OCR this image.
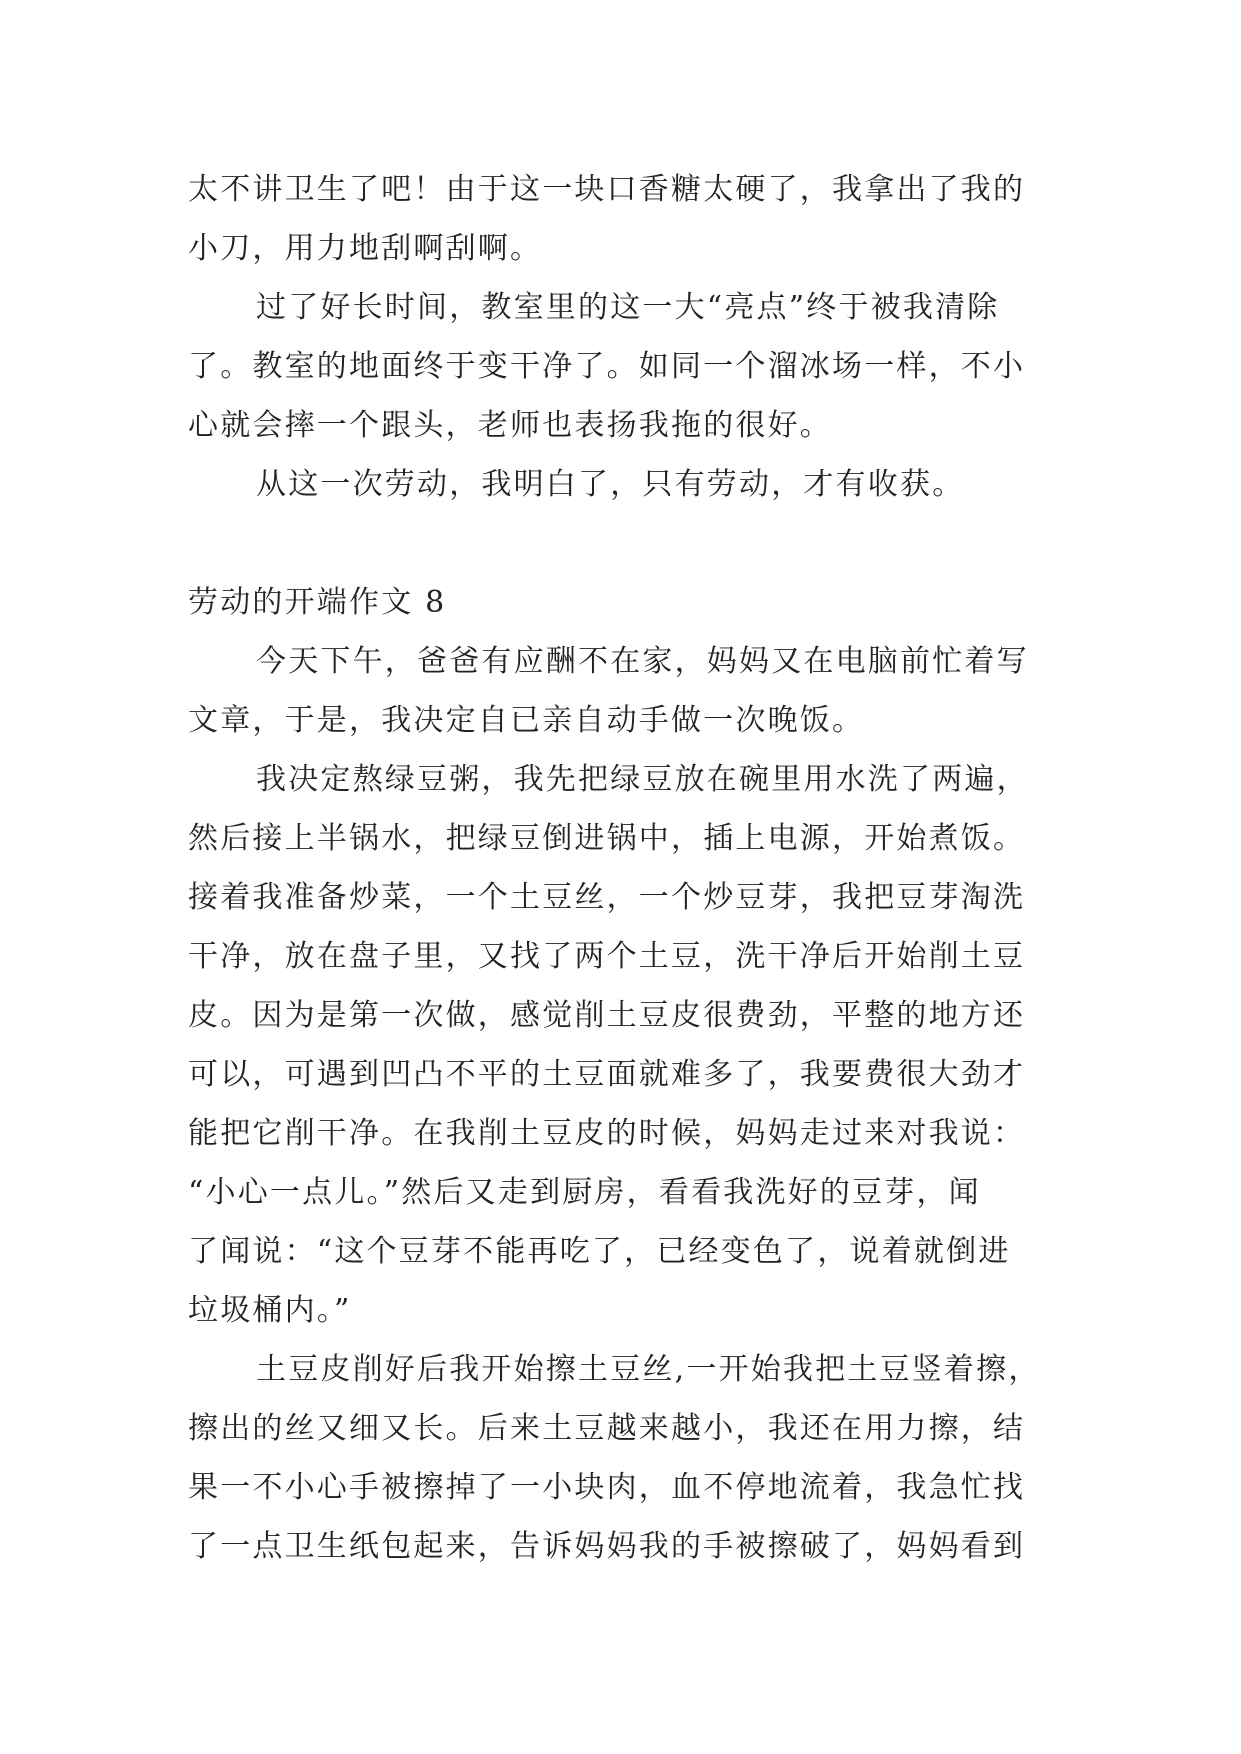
太不讲卫生了吧！由于这一块口香糖太硬了，我拿出了我的
小刀，用力地刮啊刮啊。
过了好长时间，教室里的这一大“亮点”终于被我清除
了。教室的地面终于变干净了。如同一个溜冰场一样，不小
心就会摔一个跟头，老师也表扬我拖的很好。
从这一次劳动，我明白了，只有劳动，才有收获。
劳动的开端作文 8
今天下午，爸爸有应酬不在家，妈妈又在电脑前忙着写
文章，于是，我决定自已亲自动手做一次晚饭。
我决定熬绿豆粥，我先把绿豆放在碗里用水洗了两遍，
然后接上半锅水，把绿豆倒进锅中，插上电源，开始煮饭。
接着我准备炒菜，一个土豆丝，一个炒豆芽，我把豆芽淘洗
干净，放在盘子里，又找了两个土豆，洗干净后开始削土豆
皮。因为是第一次做，感觉削土豆皮很费劲，平整的地方还
可以，可遇到凹凸不平的土豆面就难多了，我要费很大劲才
能把它削干净。在我削土豆皮的时候，妈妈走过来对我说：
“小心一点儿。”然后又走到厨房，看看我洗好的豆芽，闻
了闻说：“这个豆芽不能再吃了，已经变色了，说着就倒进
垃圾桶内。”
土豆皮削好后我开始擦土豆丝,一开始我把土豆竖着擦，
擦出的丝又细又长。后来土豆越来越小，我还在用力擦，结
果一不小心手被擦掉了一小块肉，血不停地流着，我急忙找
了一点卫生纸包起来，告诉妈妈我的手被擦破了，妈妈看到
